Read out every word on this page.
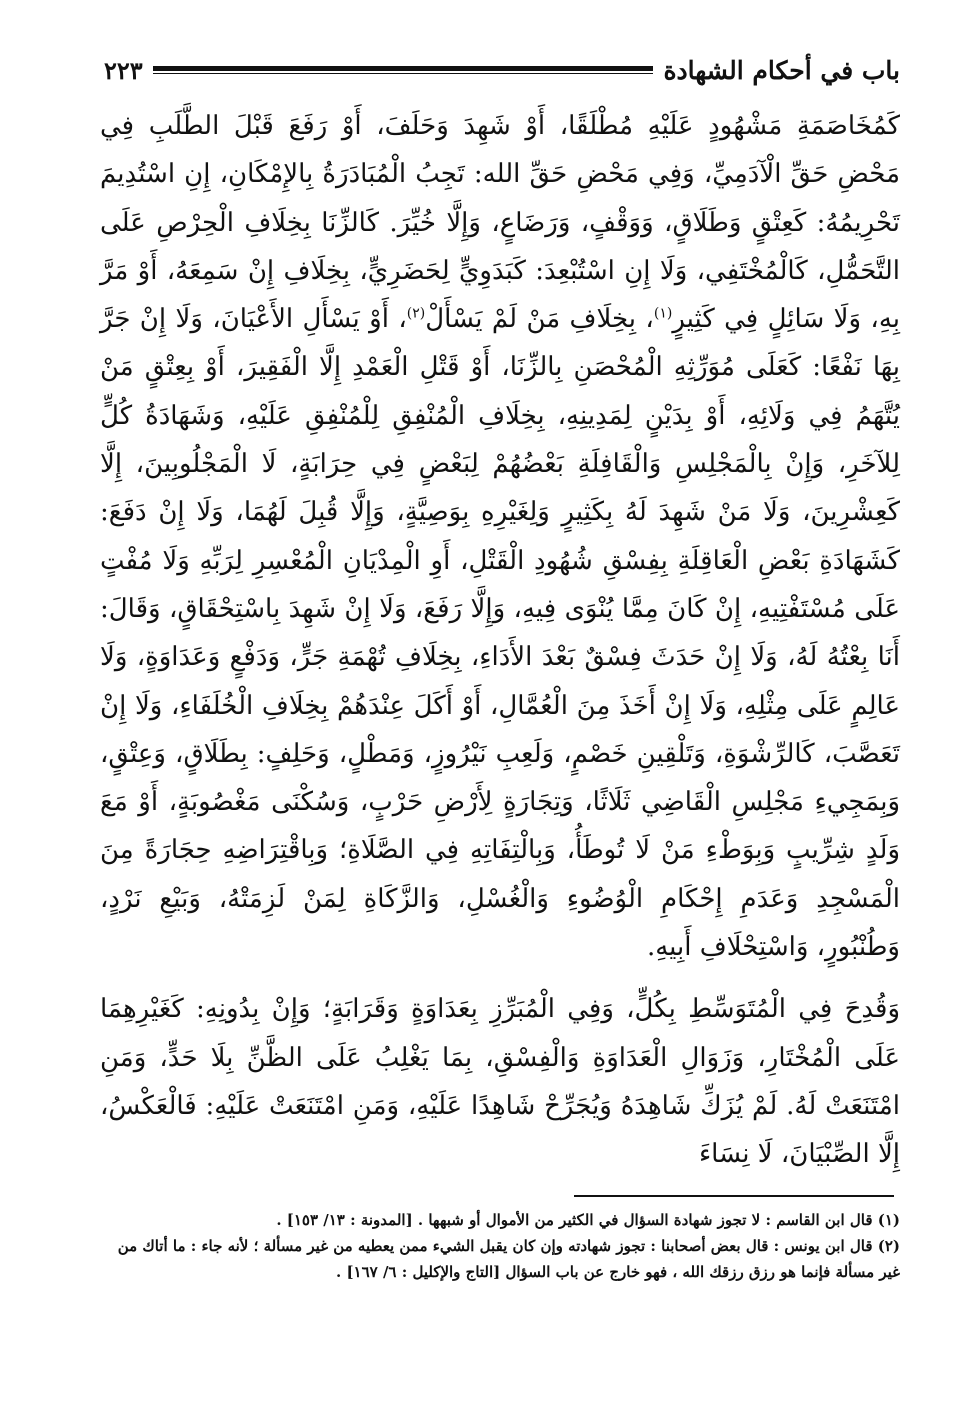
باب في أحكام الشهادة
٢٢٣

كَمُخَاصَمَةِ مَشْهُودٍ عَلَيْهِ مُطْلَقًا، أَوْ شَهِدَ وَحَلَفَ، أَوْ رَفَعَ قَبْلَ الطَّلَبِ فِي مَحْضِ حَقِّ الْآدَمِيِّ، وَفِي مَحْضِ حَقِّ الله: تَجِبُ الْمُبَادَرَةُ بِالإِمْكَانِ، إِنِ اسْتُدِيمَ تَحْرِيمُهُ: كَعِتْقٍ وَطَلَاقٍ، وَوَقْفٍ، وَرَضَاعٍ، وَإِلَّا خُيِّرَ. كَالزِّنَا بِخِلَافِ الْحِرْصِ عَلَى التَّحَمُّلِ، كَالْمُخْتَفِي، وَلَا إِنِ اسْتُبْعِدَ: كَبَدَوِيٍّ لِحَضَرِيٍّ، بِخِلَافِ إِنْ سَمِعَهُ، أَوْ مَرَّ بِهِ، وَلَا سَائِلٍ فِي كَثِيرٍ$^{(١)}$، بِخِلَافِ مَنْ لَمْ يَسْأَلْ$^{(٢)}$، أَوْ يَسْأَلِ الأَعْيَانَ، وَلَا إِنْ جَرَّ بِهَا نَفْعًا: كَعَلَى مُوَرِّثِهِ الْمُحْصَنِ بِالزِّنَا، أَوْ قَتْلِ الْعَمْدِ إِلَّا الْفَقِيرَ، أَوْ بِعِتْقٍ مَنْ يُتَّهَمُ فِي وَلَائِهِ، أَوْ بِدَيْنٍ لِمَدِينِهِ، بِخِلَافِ الْمُنْفِقِ لِلْمُنْفِقِ عَلَيْهِ، وَشَهَادَةُ كُلٍّ لِلآخَرِ، وَإِنْ بِالْمَجْلِسِ وَالْقَافِلَةِ بَعْضُهُمْ لِبَعْضٍ فِي حِرَابَةٍ، لَا الْمَجْلُوبِينَ، إِلَّا كَعِشْرِينَ، وَلَا مَنْ شَهِدَ لَهُ بِكَثِيرٍ وَلِغَيْرِهِ بِوَصِيَّةٍ، وَإِلَّا قُبِلَ لَهُمَا، وَلَا إِنْ دَفَعَ: كَشَهَادَةِ بَعْضِ الْعَاقِلَةِ بِفِسْقِ شُهُودِ الْقَتْلِ، أَوِ الْمِدْيَانِ الْمُعْسِرِ لِرَبِّهِ وَلَا مُفْتٍ عَلَى مُسْتَفْتِيهِ، إِنْ كَانَ مِمَّا يُنْوَى فِيهِ، وَإِلَّا رَفَعَ، وَلَا إِنْ شَهِدَ بِاسْتِحْقَاقٍ، وَقَالَ: أَنَا بِعْتُهُ لَهُ، وَلَا إِنْ حَدَثَ فِسْقٌ بَعْدَ الأَدَاءِ، بِخِلَافِ تُهْمَةِ جَرٍّ، وَدَفْعٍ وَعَدَاوَةٍ، وَلَا عَالِمٍ عَلَى مِثْلِهِ، وَلَا إِنْ أَخَذَ مِنَ الْعُمَّالِ، أَوْ أَكَلَ عِنْدَهُمْ بِخِلَافِ الْخُلَفَاءِ، وَلَا إِنْ تَعَصَّبَ، كَالرِّشْوَةِ، وَتَلْقِينِ خَصْمٍ، وَلَعِبِ نَيْرُوزٍ، وَمَطْلٍ، وَحَلِفٍ: بِطَلَاقٍ، وَعِتْقٍ، وَبِمَجِيءِ مَجْلِسِ الْقَاضِي ثَلَاثًا، وَتِجَارَةٍ لِأَرْضِ حَرْبٍ، وَسُكْنَى مَغْصُوبَةٍ، أَوْ مَعَ وَلَدٍ شِرِّيبٍ وَبِوَطْءِ مَنْ لَا تُوطَأُ، وَبِالْتِفَاتِهِ فِي الصَّلَاةِ؛ وَبِاقْتِرَاضِهِ حِجَارَةً مِنَ الْمَسْجِدِ وَعَدَمِ إِحْكَامِ الْوُضُوءِ وَالْغُسْلِ، وَالزَّكَاةِ لِمَنْ لَزِمَتْهُ، وَبَيْعِ نَرْدٍ، وَطُنْبُورٍ، وَاسْتِحْلَافِ أَبِيهِ.

وَقُدِحَ فِي الْمُتَوَسِّطِ بِكُلٍّ، وَفِي الْمُبَرِّزِ بِعَدَاوَةٍ وَقَرَابَةٍ؛ وَإِنْ بِدُونِهِ: كَغَيْرِهِمَا عَلَى الْمُخْتَارِ، وَزَوَالِ الْعَدَاوَةِ وَالْفِسْقِ، بِمَا يَغْلِبُ عَلَى الظَّنِّ بِلَا حَدٍّ، وَمَنِ امْتَنَعَتْ لَهُ. لَمْ يُزَكِّ شَاهِدَهُ وَيُجَرِّحْ شَاهِدًا عَلَيْهِ، وَمَنِ امْتَنَعَتْ عَلَيْهِ: فَالْعَكْسُ، إِلَّا الصِّبْيَانَ، لَا نِسَاءَ

(١) قال ابن القاسم : لا تجوز شهادة السؤال في الكثير من الأموال أو شبهها . [المدونة : ١٣/ ١٥٣] .

(٢) قال ابن يونس : قال بعض أصحابنا : تجوز شهادته وإن كان يقبل الشيء ممن يعطيه من غير مسألة ؛ لأنه جاء : ما أتاك من غير مسألة فإنما هو رزق رزقك الله ، فهو خارج عن باب السؤال [التاج والإكليل : ٦/ ١٦٧] .
